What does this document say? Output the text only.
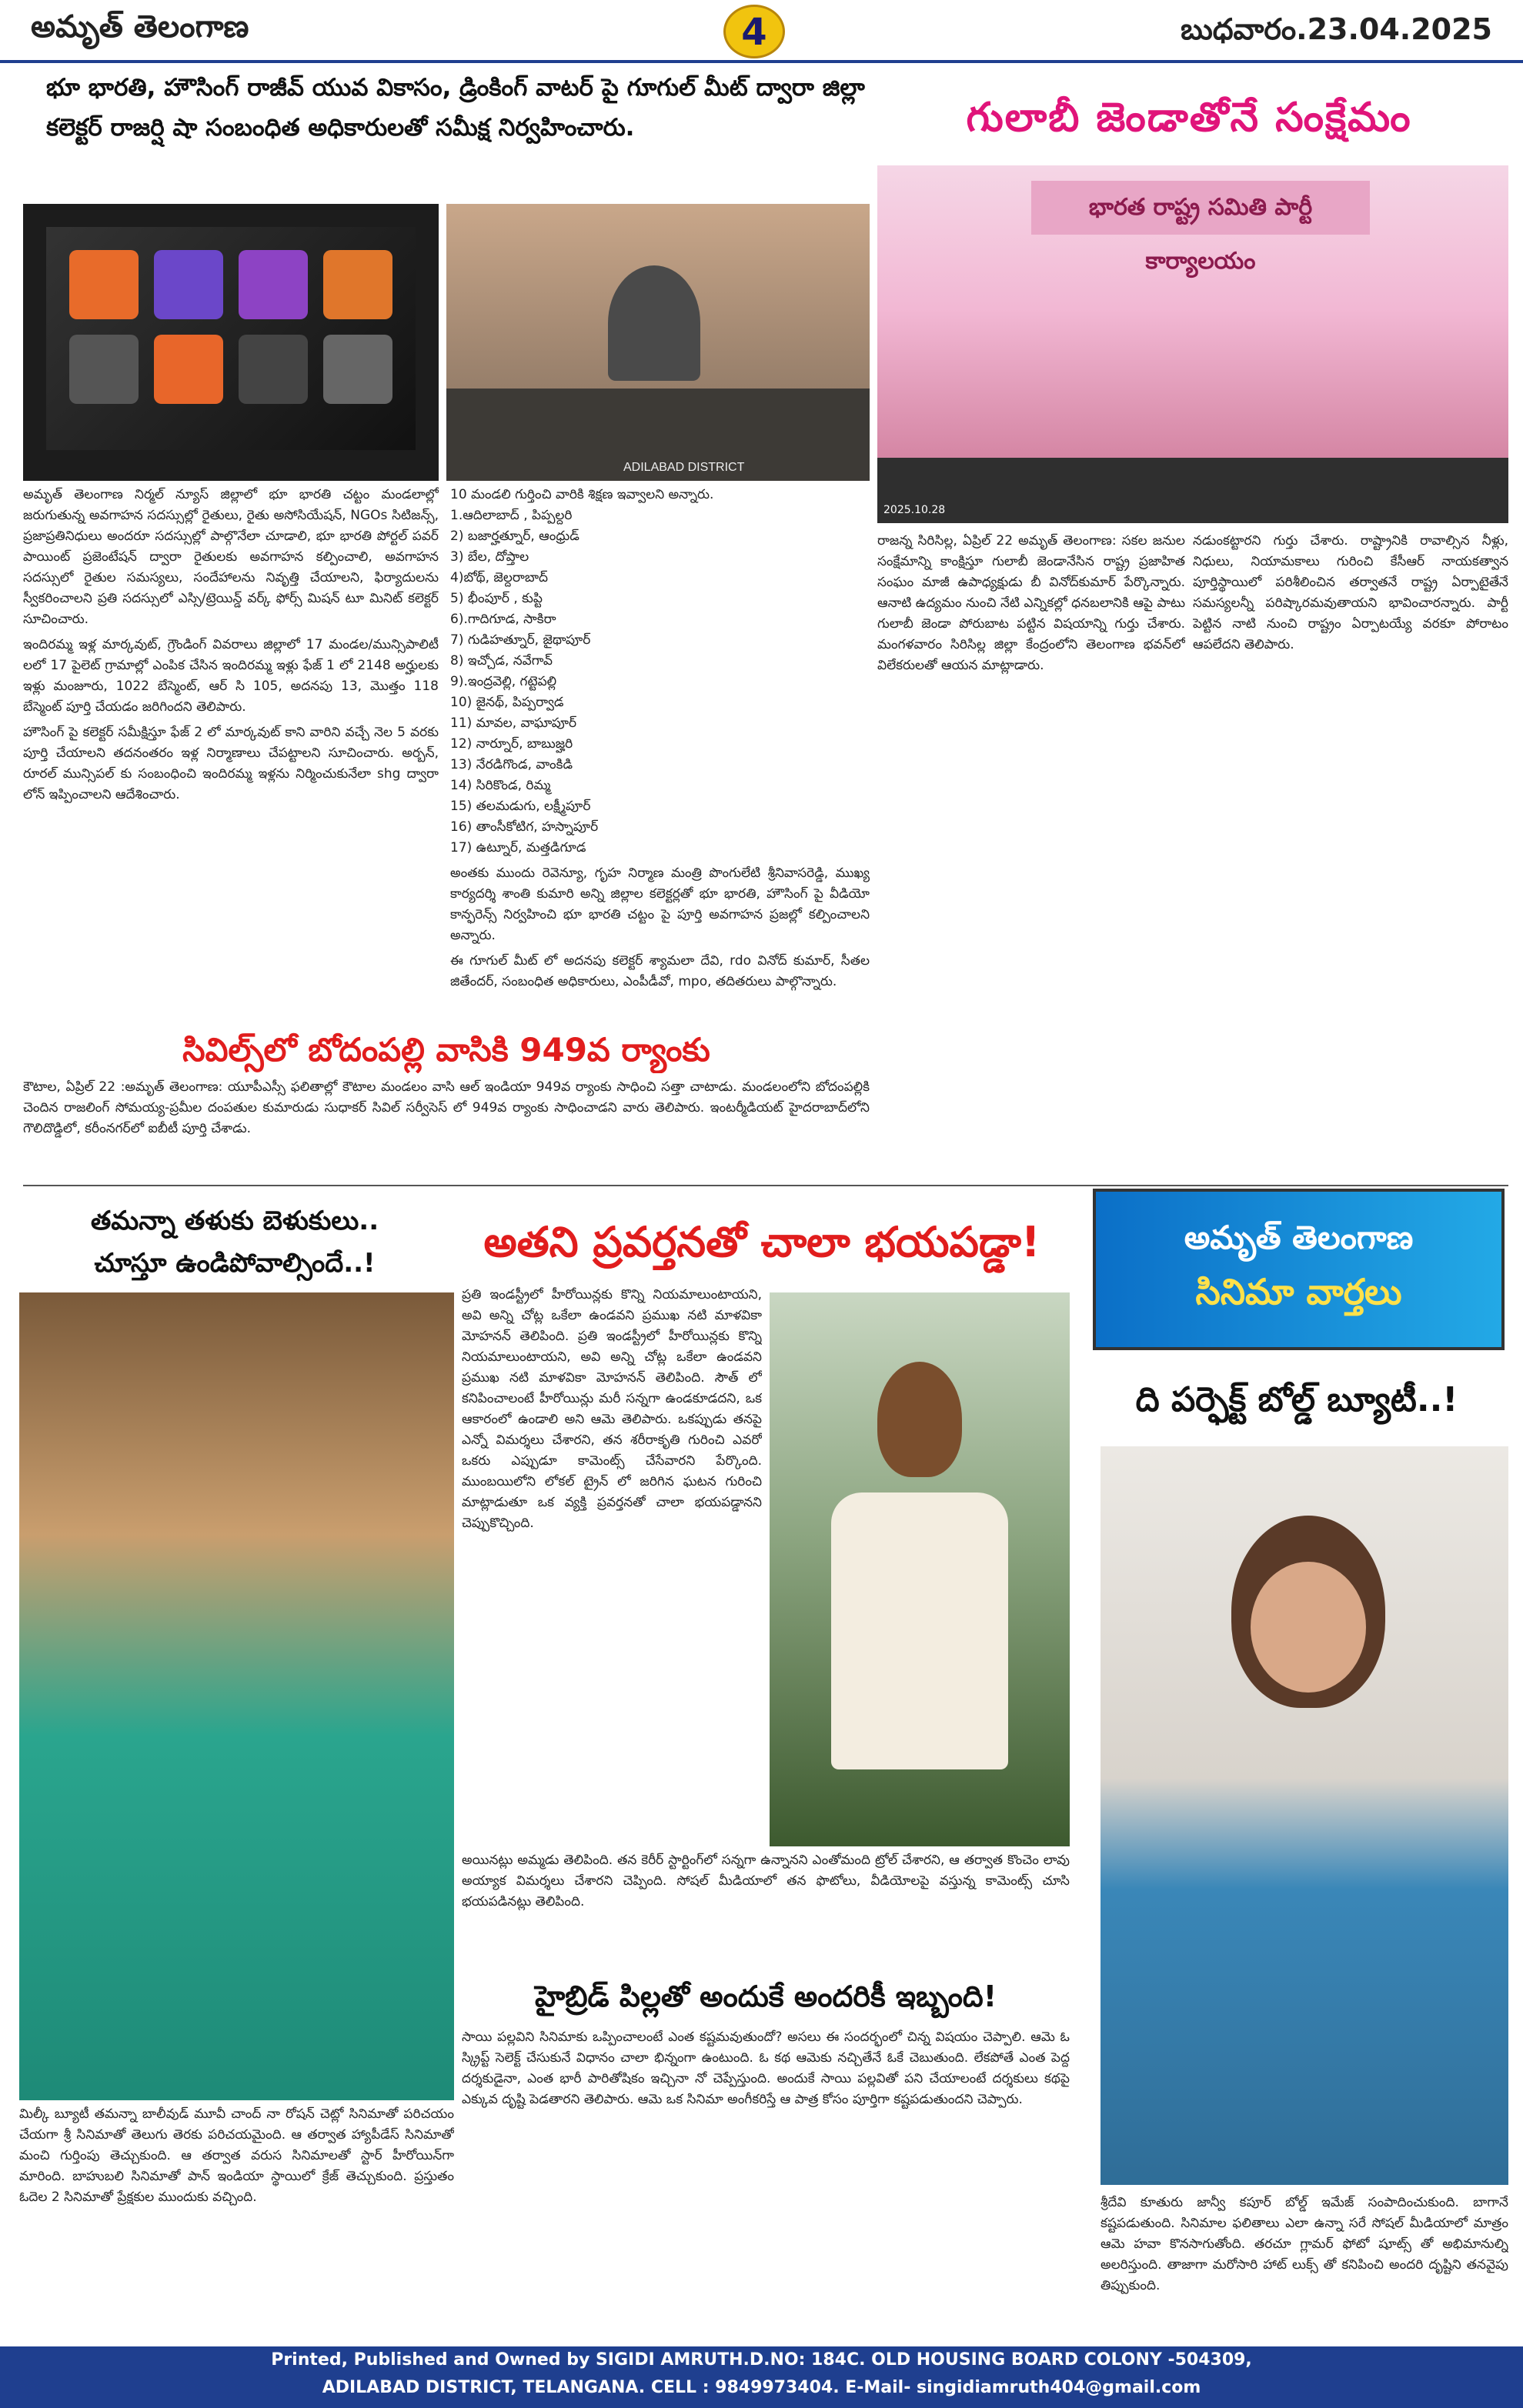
అమృత్ తెలంగాణ	4	బుధవారం.23.04.2025
భూ భారతి, హౌసింగ్ రాజీవ్ యువ వికాసం, డ్రింకింగ్ వాటర్ పై గూగుల్ మీట్ ద్వారా జిల్లా కలెక్టర్ రాజర్షి షా సంబంధిత అధికారులతో సమీక్ష నిర్వహించారు.
ADILABAD DISTRICT

అమృత్ తెలంగాణ నిర్మల్ న్యూస్ జిల్లాలో భూ భారతి చట్టం మండలాల్లో జరుగుతున్న అవగాహన సదస్సుల్లో రైతులు, రైతు అసోసియేషన్, NGOs సిటిజన్స్, ప్రజాప్రతినిధులు అందరూ సదస్సుల్లో పాల్గొనేలా చూడాలి, భూ భారతి పోర్టల్ పవర్ పాయింట్ ప్రజెంటేషన్ ద్వారా రైతులకు అవగాహన కల్పించాలి, అవగాహన సదస్సులో రైతుల సమస్యలు, సందేహాలను నివృత్తి చేయాలని, ఫిర్యాదులను స్వీకరించాలని ప్రతి సదస్సులో ఎస్సి/ట్రెయిన్డ్ వర్క్ ఫోర్స్ మిషన్ టూ మినిట్ కలెక్టర్ సూచించారు.

ఇందిరమ్మ ఇళ్ల మార్కవుట్, గ్రౌండింగ్ వివరాలు జిల్లాలో 17 మండల/మున్సిపాలిటీ లలో 17 పైలెట్ గ్రామాల్లో ఎంపిక చేసిన ఇందిరమ్మ ఇళ్లు ఫేజ్ 1 లో 2148 అర్హులకు ఇళ్లు మంజూరు, 1022 బేస్మెంట్, ఆర్ సి 105, అదనపు 13, మొత్తం 118 బేస్మెంట్ పూర్తి చేయడం జరిగిందని తెలిపారు.

హౌసింగ్ పై కలెక్టర్ సమీక్షిస్తూ ఫేజ్ 2 లో మార్కవుట్ కాని వారిని వచ్చే నెల 5 వరకు పూర్తి చేయాలని తదనంతరం ఇళ్ల నిర్మాణాలు చేపట్టాలని సూచించారు. అర్బన్, రూరల్ మున్సిపల్ కు సంబంధించి ఇందిరమ్మ ఇళ్లను నిర్మించుకునేలా shg ద్వారా లోన్ ఇప్పించాలని ఆదేశించారు.

10 మండలి గుర్తించి వారికి శిక్షణ ఇవ్వాలని అన్నారు.
1.ఆదిలాబాద్ , పిప్పల్దరి
2) బజార్హత్నూర్, ఆంధ్రుడ్
3) బేల, దోప్తాల
4)బోథ్, జెల్దరాబాద్
5) భీంపూర్ , కుప్టి
6).గాదిగూడ, సాకిరా
7) గుడిహత్నూర్, జైథాపూర్
8) ఇచ్చోడ, నవేగావ్
9).ఇంద్రవెల్లి, గట్టెపల్లి
10) జైనథ్, పిప్పర్వాడ
11) మావల, వాఘాపూర్
12) నార్నూర్, బాబుజ్హరి
13) నేరడిగొండ, వాంకిడి
14) సిరికొండ, రిమ్మ
15) తలమడుగు, లక్ష్మీపూర్
16) తాంసీకోటిగ, హస్నాపూర్
17) ఉట్నూర్, మత్తడిగూడ

అంతకు ముందు రెవెన్యూ, గృహ నిర్మాణ మంత్రి పొంగులేటి శ్రీనివాసరెడ్డి, ముఖ్య కార్యదర్శి శాంతి కుమారి అన్ని జిల్లాల కలెక్టర్లతో భూ భారతి, హౌసింగ్ పై వీడియో కాన్ఫరెన్స్ నిర్వహించి భూ భారతి చట్టం పై పూర్తి అవగాహన ప్రజల్లో కల్పించాలని అన్నారు.

ఈ గూగుల్ మీట్ లో అదనపు కలెక్టర్ శ్యామలా దేవి, rdo వినోద్ కుమార్, సీతల జితేందర్, సంబంధిత అధికారులు, ఎంపీడీవో, mpo, తదితరులు పాల్గొన్నారు.

గులాబీ జెండాతోనే సంక్షేమం
భారత రాష్ట్ర సమితి పార్టీ కార్యాలయం
2025.10.28
రాజన్న సిరిసిల్ల, ఏప్రిల్ 22 అమృత్ తెలంగాణ: సకల జనుల సంక్షేమాన్ని కాంక్షిస్తూ గులాబీ జెండానేసిన రాష్ట్ర ప్రజాహిత సంఘం మాజీ ఉపాధ్యక్షుడు బీ వినోద్‌కుమార్ పేర్కొన్నారు. ఆనాటి ఉద్యమం నుంచి నేటి ఎన్నికల్లో ధనబలానికి ఆపై పాటు గులాబీ జెండా పోరుబాట పట్టిన విషయాన్ని గుర్తు చేశారు. మంగళవారం సిరిసిల్ల జిల్లా కేంద్రంలోని తెలంగాణ భవన్‌లో విలేకరులతో ఆయన మాట్లాడారు.
నడుంకట్టారని గుర్తు చేశారు. రాష్ట్రానికి రావాల్సిన నీళ్లు, నిధులు, నియామకాలు గురించి కేసీఆర్ నాయకత్వాన పూర్తిస్థాయిలో పరిశీలించిన తర్వాతనే రాష్ట్ర ఏర్పాటైతేనే సమస్యలన్నీ పరిష్కారమవుతాయని భావించారన్నారు. పార్టీ పెట్టిన నాటి నుంచి రాష్ట్రం ఏర్పాటయ్యే వరకూ పోరాటం ఆపలేదని తెలిపారు.
సివిల్స్‌లో బోదంపల్లి వాసికి 949వ ర్యాంకు
కౌటాల, ఏప్రిల్ 22 :అమృత్ తెలంగాణ: యూపీఎస్సీ ఫలితాల్లో కౌటాల మండలం వాసి ఆల్ ఇండియా 949వ ర్యాంకు సాధించి సత్తా చాటాడు. మండలంలోని బోదంపల్లికి చెందిన రాజలింగ్ సోమయ్య-ప్రమీల దంపతుల కుమారుడు సుధాకర్ సివిల్ సర్వీసెస్ లో 949వ ర్యాంకు సాధించాడని వారు తెలిపారు. ఇంటర్మీడియట్ హైదరాబాద్‌లోని గౌలిదొడ్డిలో, కరీంనగర్‌లో ఐబీటీ పూర్తి చేశాడు.
తమన్నా తళుకు బెళుకులు..
చూస్తూ ఉండిపోవాల్సిందే..!
మిల్కీ బ్యూటీ తమన్నా బాలీవుడ్ మూవీ చాంద్ నా రోషన్ చెట్లో సినిమాతో పరిచయం చేయగా శ్రీ సినిమాతో తెలుగు తెరకు పరిచయమైంది. ఆ తర్వాత హ్యాపీడేస్ సినిమాతో మంచి గుర్తింపు తెచ్చుకుంది. ఆ తర్వాత వరుస సినిమాలతో స్టార్ హీరోయిన్‌గా మారింది. బాహుబలి సినిమాతో పాన్ ఇండియా స్థాయిలో క్రేజ్ తెచ్చుకుంది. ప్రస్తుతం ఓదెల 2 సినిమాతో ప్రేక్షకుల ముందుకు వచ్చింది.
అతని ప్రవర్తనతో చాలా భయపడ్డా!
ప్రతి ఇండస్ట్రీలో హీరోయిన్లకు కొన్ని నియమాలుంటాయని, అవి అన్ని చోట్ల ఒకేలా ఉండవని ప్రముఖ నటి మాళవికా మోహనన్ తెలిపింది. ప్రతి ఇండస్ట్రీలో హీరోయిన్లకు కొన్ని నియమాలుంటాయని, అవి అన్ని చోట్ల ఒకేలా ఉండవని ప్రముఖ నటి మాళవికా మోహనన్ తెలిపింది. సౌత్ లో కనిపించాలంటే హీరోయిన్లు మరీ సన్నగా ఉండకూడదని, ఒక ఆకారంలో ఉండాలి అని ఆమె తెలిపారు. ఒకప్పుడు తనపై ఎన్నో విమర్శలు చేశారని, తన శరీరాకృతి గురించి ఎవరో ఒకరు ఎప్పుడూ కామెంట్స్ చేసేవారని పేర్కొంది. ముంబయిలోని లోకల్ ట్రైన్ లో జరిగిన ఘటన గురించి మాట్లాడుతూ ఒక వ్యక్తి ప్రవర్తనతో చాలా భయపడ్డానని చెప్పుకొచ్చింది.
అయినట్లు అమ్మడు తెలిపింది. తన కెరీర్ స్టార్టింగ్‌లో సన్నగా ఉన్నానని ఎంతోమంది ట్రోల్ చేశారని, ఆ తర్వాత కొంచెం లావు అయ్యాక విమర్శలు చేశారని చెప్పింది. సోషల్ మీడియాలో తన ఫొటోలు, వీడియోలపై వస్తున్న కామెంట్స్ చూసి భయపడినట్లు తెలిపింది.
హైబ్రిడ్ పిల్లతో అందుకే అందరికీ ఇబ్బంది!
సాయి పల్లవిని సినిమాకు ఒప్పించాలంటే ఎంత కష్టమవుతుందో? అసలు ఈ సందర్భంలో చిన్న విషయం చెప్పాలి. ఆమె ఓ స్క్రిప్ట్ సెలెక్ట్ చేసుకునే విధానం చాలా భిన్నంగా ఉంటుంది. ఓ కథ ఆమెకు నచ్చితేనే ఓకే చెబుతుంది. లేకపోతే ఎంత పెద్ద దర్శకుడైనా, ఎంత భారీ పారితోషికం ఇచ్చినా నో చెప్పేస్తుంది. అందుకే సాయి పల్లవితో పని చేయాలంటే దర్శకులు కథపై ఎక్కువ దృష్టి పెడతారని తెలిపారు. ఆమె ఒక సినిమా అంగీకరిస్తే ఆ పాత్ర కోసం పూర్తిగా కష్టపడుతుందని చెప్పారు.
అమృత్ తెలంగాణ
సినిమా వార్తలు
ది పర్ఫెక్ట్ బోల్డ్ బ్యూటీ..!
శ్రీదేవి కూతురు జాన్వీ కపూర్ బోల్డ్ ఇమేజ్ సంపాదించుకుంది. బాగానే కష్టపడుతుంది. సినిమాల ఫలితాలు ఎలా ఉన్నా సరే సోషల్ మీడియాలో మాత్రం ఆమె హవా కొనసాగుతోంది. తరచూ గ్లామర్ ఫోటో షూట్స్ తో అభిమానుల్ని అలరిస్తుంది. తాజాగా మరోసారి హాట్ లుక్స్ తో కనిపించి అందరి దృష్టిని తనవైపు తిప్పుకుంది.
Printed, Published and Owned by SIGIDI AMRUTH.D.NO: 184C. OLD HOUSING BOARD COLONY -504309,
ADILABAD DISTRICT, TELANGANA. CELL : 9849973404. E-Mail- singidiamruth404@gmail.com
